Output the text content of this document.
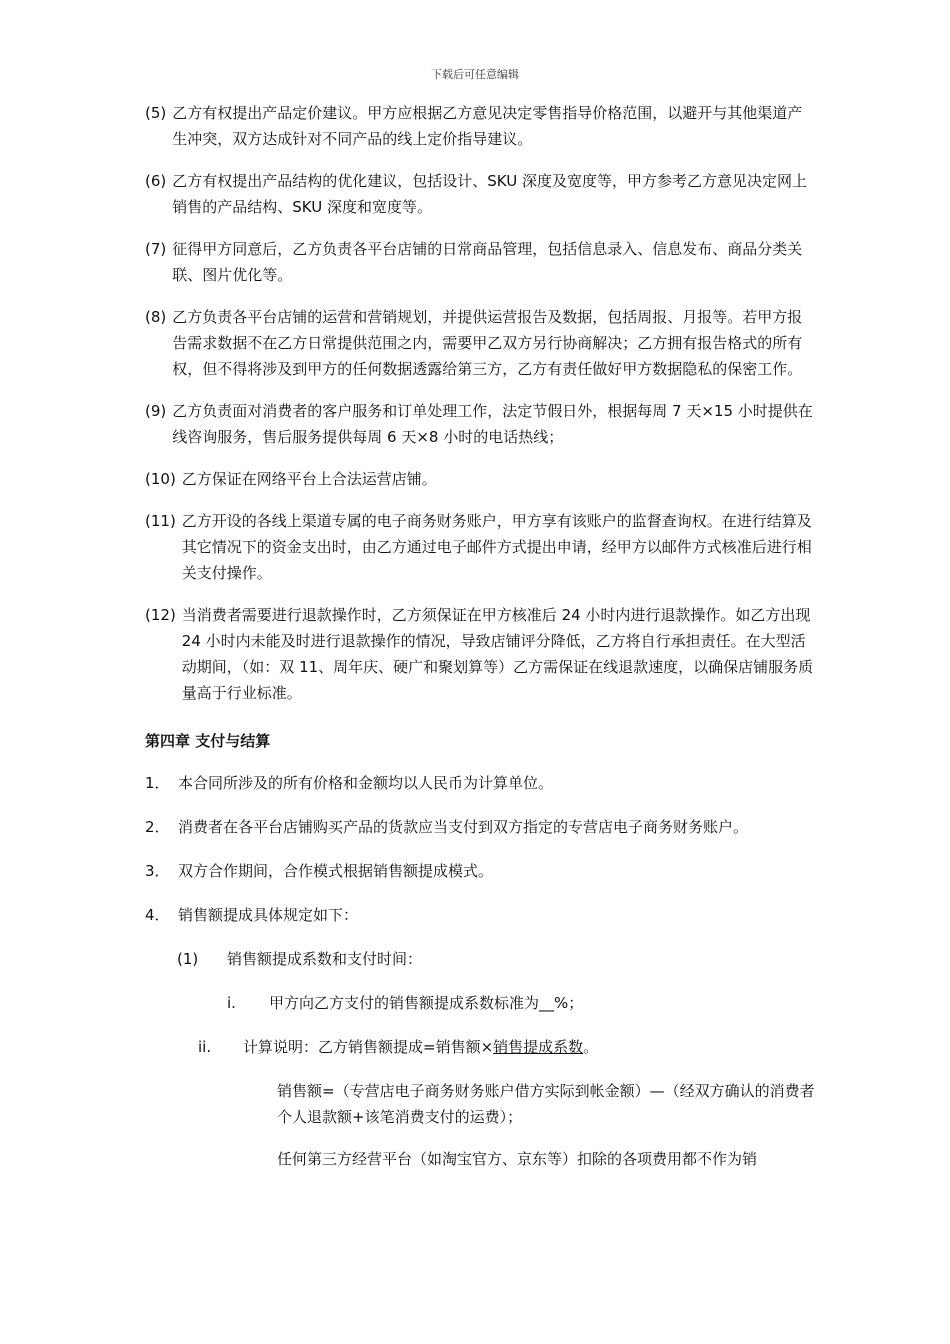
下载后可任意编辑
(5) 乙方有权提出产品定价建议。甲方应根据乙方意见决定零售指导价格范围，以避开与其他渠道产生冲突，双方达成针对不同产品的线上定价指导建议。
(6) 乙方有权提出产品结构的优化建议，包括设计、SKU 深度及宽度等，甲方参考乙方意见决定网上销售的产品结构、SKU 深度和宽度等。
(7) 征得甲方同意后，乙方负责各平台店铺的日常商品管理，包括信息录入、信息发布、商品分类关联、图片优化等。
(8) 乙方负责各平台店铺的运营和营销规划，并提供运营报告及数据，包括周报、月报等。若甲方报告需求数据不在乙方日常提供范围之内，需要甲乙双方另行协商解决；乙方拥有报告格式的所有权，但不得将涉及到甲方的任何数据透露给第三方，乙方有责任做好甲方数据隐私的保密工作。
(9) 乙方负责面对消费者的客户服务和订单处理工作，法定节假日外，根据每周 7 天×15 小时提供在线咨询服务，售后服务提供每周 6 天×8 小时的电话热线；
(10) 乙方保证在网络平台上合法运营店铺。
(11) 乙方开设的各线上渠道专属的电子商务财务账户，甲方享有该账户的监督查询权。在进行结算及其它情况下的资金支出时，由乙方通过电子邮件方式提出申请，经甲方以邮件方式核准后进行相关支付操作。
(12) 当消费者需要进行退款操作时，乙方须保证在甲方核准后 24 小时内进行退款操作。如乙方出现 24 小时内未能及时进行退款操作的情况，导致店铺评分降低，乙方将自行承担责任。在大型活动期间，（如：双 11、周年庆、硬广和聚划算等）乙方需保证在线退款速度，以确保店铺服务质量高于行业标准。
第四章 支付与结算
1． 本合同所涉及的所有价格和金额均以人民币为计算单位。
2． 消费者在各平台店铺购买产品的货款应当支付到双方指定的专营店电子商务财务账户。
3． 双方合作期间，合作模式根据销售额提成模式。
4． 销售额提成具体规定如下：
(1)	销售额提成系数和支付时间：
i.	甲方向乙方支付的销售额提成系数标准为__%；
ii.	计算说明：乙方销售额提成=销售额×销售提成系数。
销售额=（专营店电子商务财务账户借方实际到帐金额）—（经双方确认的消费者个人退款额+该笔消费支付的运费）；
任何第三方经营平台（如淘宝官方、京东等）扣除的各项费用都不作为销
